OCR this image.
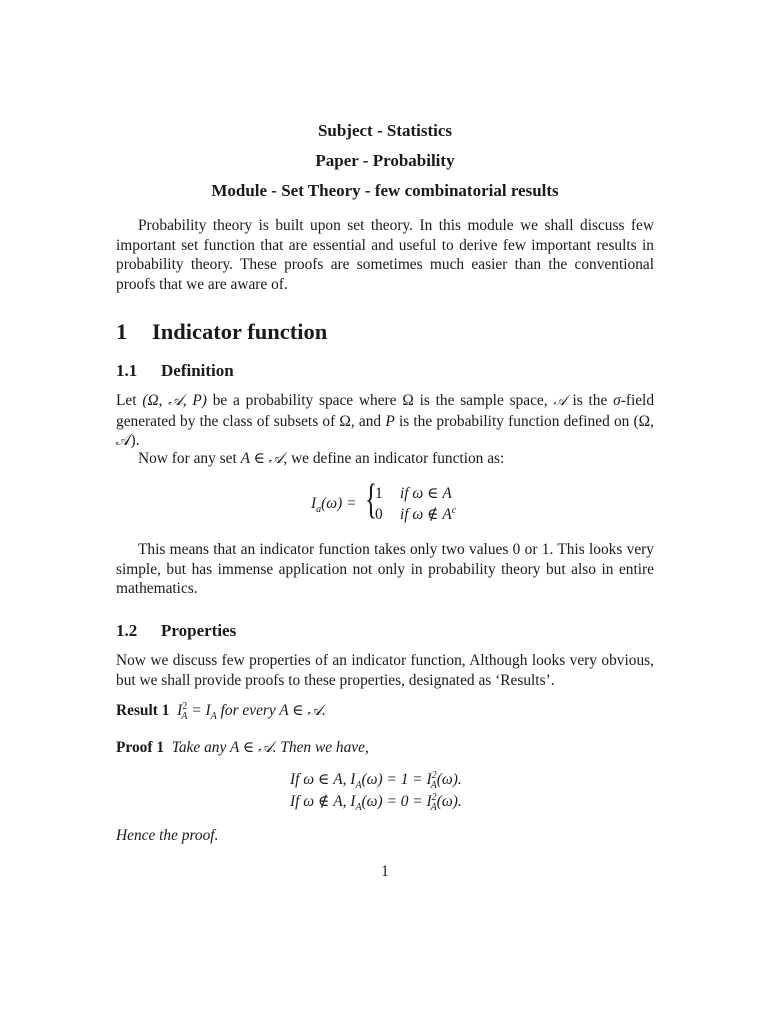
Subject - Statistics
Paper - Probability
Module - Set Theory - few combinatorial results

Probability theory is built upon set theory. In this module we shall discuss few important set function that are essential and useful to derive few important results in probability theory. These proofs are sometimes much easier than the conventional proofs that we are aware of.

1 Indicator function
1.1 Definition

Let (Ω, 𝒜, P) be a probability space where Ω is the sample space, 𝒜 is the σ-field generated by the class of subsets of Ω, and P is the probability function defined on (Ω, 𝒜).

Now for any set A ∈ 𝒜, we define an indicator function as:

$I_a(\omega)$ = {
1 if ω ∈ A
0 if ω ∉ $A^c$

This means that an indicator function takes only two values 0 or 1. This looks very simple, but has immense application not only in probability theory but also in entire mathematics.

1.2 Properties

Now we discuss few properties of an indicator function, Although looks very obvious, but we shall provide proofs to these properties, designated as ‘Results’.

Result 1 $I^2_A = I_A$ for every A ∈ 𝒜.

Proof 1 Take any A ∈ 𝒜. Then we have,

If ω ∈ A, $I_A(\omega) = 1 = I^2_A(\omega)$.
If ω ∉ A, $I_A(\omega) = 0 = I^2_A(\omega)$.

Hence the proof.

1
